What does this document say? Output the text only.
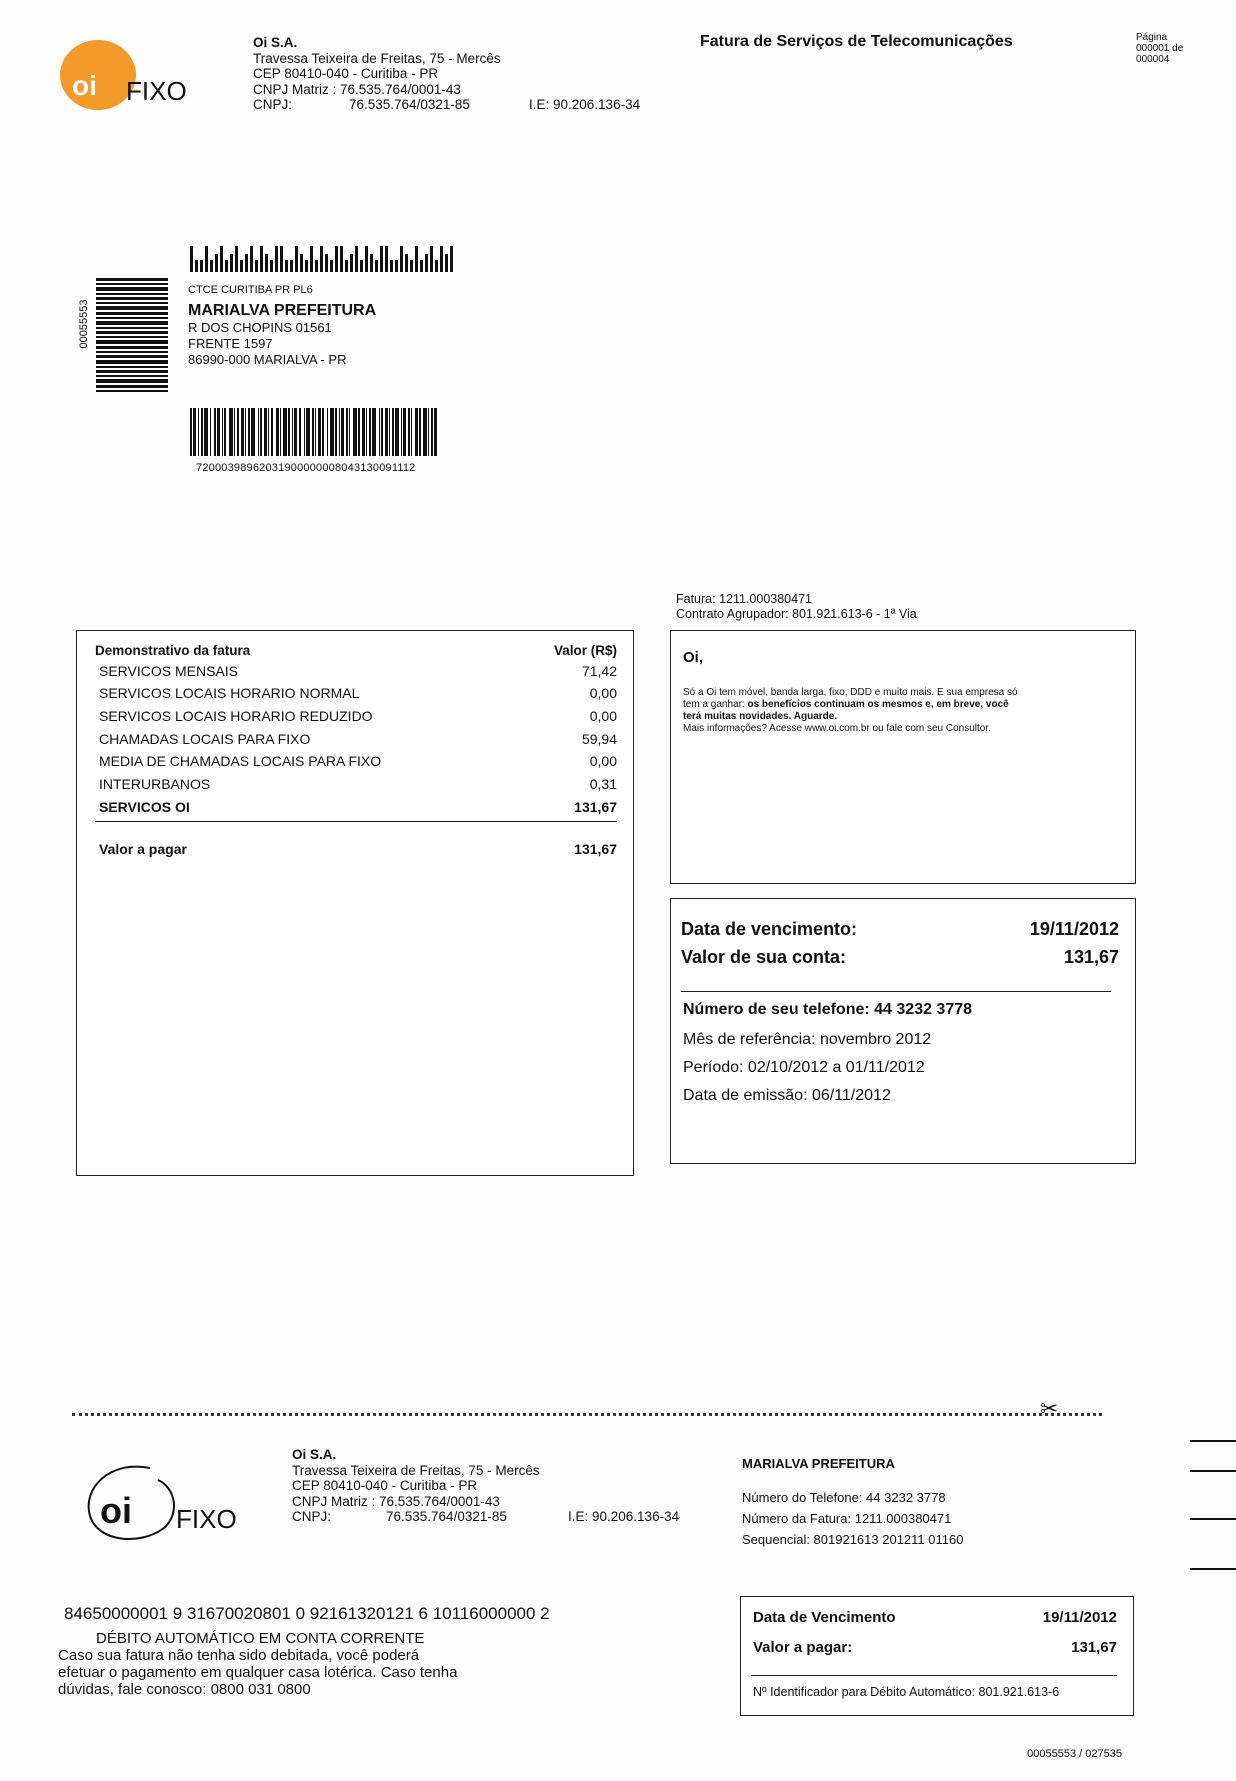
oi FIXO
Oi S.A.
Travessa Teixeira de Freitas, 75 - Mercês
CEP 80410-040 - Curitiba - PR
CNPJ Matriz : 76.535.764/0001-43
CNPJ:	76.535.764/0321-85	I.E: 90.206.136-34
Fatura de Serviços de Telecomunicações	Página
000001 de
000004
00055553
CTCE CURITIBA PR PL6
MARIALVA PREFEITURA
R DOS CHOPINS 01561
FRENTE 1597
86990-000 MARIALVA - PR
72000398962031900000008043130091112
Fatura: 1211.000380471
Contrato Agrupador: 801.921.613-6 - 1ª Via
Demonstrativo da fatura	Valor (R$)
SERVICOS MENSAIS	71,42
SERVICOS LOCAIS HORARIO NORMAL	0,00
SERVICOS LOCAIS HORARIO REDUZIDO	0,00
CHAMADAS LOCAIS PARA FIXO	59,94
MEDIA DE CHAMADAS LOCAIS PARA FIXO	0,00
INTERURBANOS	0,31
SERVICOS OI	131,67
Valor a pagar	131,67
Oi,
Só a Oi tem móvel, banda larga, fixo, DDD e muito mais. E sua empresa só
tem a ganhar: os benefícios continuam os mesmos e, em breve, você
terá muitas novidades. Aguarde.
Mais informações? Acesse www.oi.com.br ou fale com seu Consultor.
Data de vencimento:	19/11/2012
Valor de sua conta:	131,67
Número de seu telefone: 44 3232 3778
Mês de referência: novembro 2012
Período: 02/10/2012 a 01/11/2012
Data de emissão: 06/11/2012
✂
oi FIXO
Oi S.A.
Travessa Teixeira de Freitas, 75 - Mercês
CEP 80410-040 - Curitiba - PR
CNPJ Matriz : 76.535.764/0001-43
CNPJ:	76.535.764/0321-85	I.E: 90.206.136-34
MARIALVA PREFEITURA
Número do Telefone: 44 3232 3778
Número da Fatura: 1211.000380471
Sequencial: 801921613 201211 01160
84650000001 9 31670020801 0 92161320121 6 10116000000 2
DÉBITO AUTOMÁTICO EM CONTA CORRENTE
Caso sua fatura não tenha sido debitada, você poderá
efetuar o pagamento em qualquer casa lotérica. Caso tenha
dúvidas, fale conosco: 0800 031 0800
Data de Vencimento	19/11/2012
Valor a pagar:	131,67
Nº Identificador para Débito Automático: 801.921.613-6
00055553 / 027535
